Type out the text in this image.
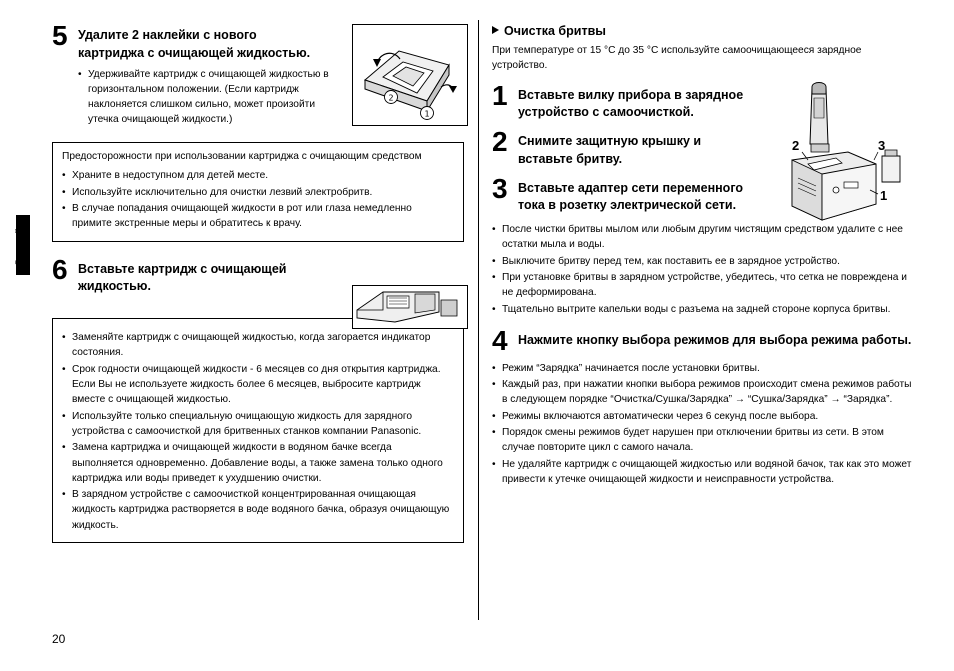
Русский
5 Удалите 2 наклейки с нового картриджа с очищающей жидкостью.
• Удерживайте картридж с очищающей жидкостью в горизонтальном положении. (Если картридж наклоняется слишком сильно, может произойти утечка очищающей жидкости.)
Предосторожности при использовании картриджа с очищающим средством
• Храните в недоступном для детей месте.
• Используйте исключительно для очистки лезвий электробритв.
• В случае попадания очищающей жидкости в рот или глаза немедленно примите экстренные меры и обратитесь к врачу.
6 Вставьте картридж с очищающей жидкостью.
• Заменяйте картридж с очищающей жидкостью, когда загорается индикатор состояния.
• Срок годности очищающей жидкости - 6 месяцев со дня открытия картриджа. Если Вы не используете жидкость более 6 месяцев, выбросите картридж вместе с очищающей жидкостью.
• Используйте только специальную очищающую жидкость для зарядного устройства с самоочисткой для бритвенных станков компании Panasonic.
• Замена картриджа и очищающей жидкости в водяном бачке всегда выполняется одновременно. Добавление воды, а также замена только одного картриджа или воды приведет к ухудшению очистки.
• В зарядном устройстве с самоочисткой концентрированная очищающая жидкость картриджа растворяется в воде водяного бачка, образуя очищающую жидкость.
2
1
Очистка бритвы
При температуре от 15 °C до 35 °C используйте самоочищающееся зарядное устройство.
1 Вставьте вилку прибора в зарядное устройство с самоочисткой.
2 Снимите защитную крышку и вставьте бритву.
3 Вставьте адаптер сети переменного тока в розетку электрической сети.
• После чистки бритвы мылом или любым другим чистящим средством удалите с нее остатки мыла и воды.
• Выключите бритву перед тем, как поставить ее в зарядное устройство.
• При установке бритвы в зарядном устройстве, убедитесь, что сетка не повреждена и не деформирована.
• Тщательно вытрите капельки воды с разъема на задней стороне корпуса бритвы.
4 Нажмите кнопку выбора режимов для выбора режима работы.
• Режим “Зарядка” начинается после установки бритвы.
• Каждый раз, при нажатии кнопки выбора режимов происходит смена режимов работы в следующем порядке “Очистка/Сушка/Зарядка” → “Сушка/Зарядка” → “Зарядка”.
• Режимы включаются автоматически через 6 секунд после выбора.
• Порядок смены режимов будет нарушен при отключении бритвы из сети. В этом случае повторите цикл с самого начала.
• Не удаляйте картридж с очищающей жидкостью или водяной бачок, так как это может привести к утечке очищающей жидкости и неисправности устройства.
2	3
1
20
